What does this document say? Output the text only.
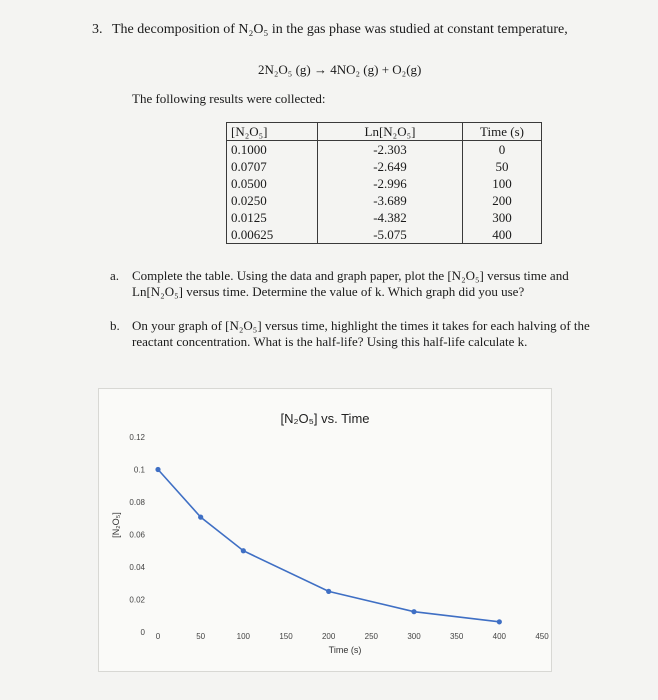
3. The decomposition of N₂O₅ in the gas phase was studied at constant temperature,
2N₂O₅ (g) → 4NO₂ (g) + O₂(g)
The following results were collected:
[N₂O₅]	Ln[N₂O₅]	Time (s)
0.1000	-2.303	0
0.0707	-2.649	50
0.0500	-2.996	100
0.0250	-3.689	200
0.0125	-4.382	300
0.00625	-5.075	400
a. Complete the table. Using the data and graph paper, plot the [N₂O₅] versus time and Ln[N₂O₅] versus time. Determine the value of k. Which graph did you use?
b. On your graph of [N₂O₅] versus time, highlight the times it takes for each halving of the reactant concentration. What is the half-life? Using this half-life calculate k.
[N₂O₅] vs. Time
Time (s)
[N₂O₅]
0
0.02
0.04
0.06
0.08
0.1
0.12
0	50	100	150	200	250	300	350	400	450
